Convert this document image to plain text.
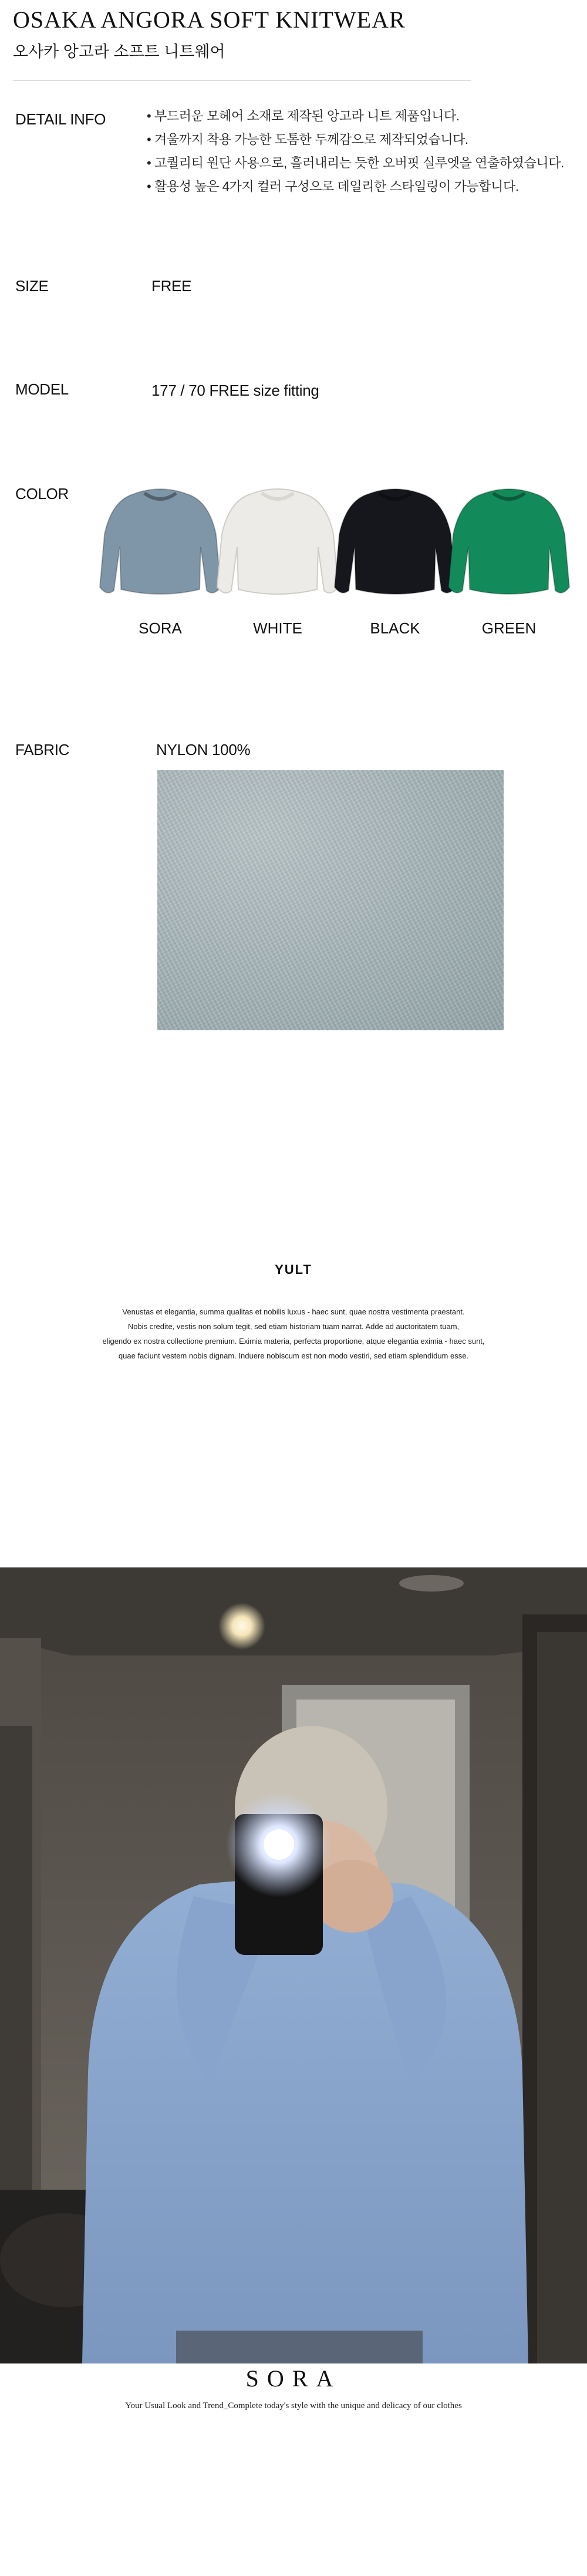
OSAKA ANGORA SOFT KNITWEAR
오사카 앙고라 소프트 니트웨어
DETAIL INFO
•	부드러운 모헤어 소재로 제작된 앙고라 니트 제품입니다.
• 겨울까지 착용 가능한 도톰한 두께감으로 제작되었습니다.
• 고퀄리티 원단 사용으로, 흘러내리는 듯한 오버핏 실루엣을 연출하였습니다.
• 활용성 높은 4가지 컬러 구성으로 데일리한 스타일링이 가능합니다.
SIZE	FREE
MODEL	177 / 70 FREE size fitting
COLOR
SORA	WHITE	BLACK	GREEN
FABRIC	NYLON 100%
YULT
Venustas et elegantia, summa qualitas et nobilis luxus - haec sunt, quae nostra vestimenta praestant.
Nobis credite, vestis non solum tegit, sed etiam historiam tuam narrat. Adde ad auctoritatem tuam,
eligendo ex nostra collectione premium. Eximia materia, perfecta proportione, atque elegantia eximia - haec sunt,
quae faciunt vestem nobis dignam. Induere nobiscum est non modo vestiri, sed etiam splendidum esse.
SORA
Your Usual Look and Trend_Complete today's style with the unique and delicacy of our clothes
